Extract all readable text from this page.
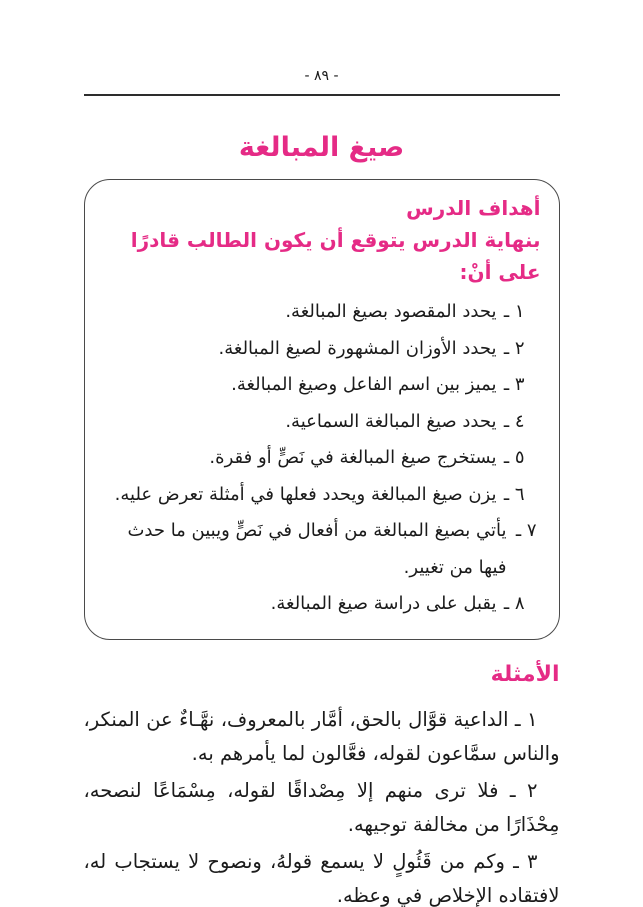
- ٨٩ -
صيغ المبالغة
أهداف الدرس
بنهاية الدرس يتوقع أن يكون الطالب قادرًا على أنْ:
١ ـ
يحدد المقصود بصيغ المبالغة.
٢ ـ
يحدد الأوزان المشهورة لصيغ المبالغة.
٣ ـ
يميز بين اسم الفاعل وصيغ المبالغة.
٤ ـ
يحدد صيغ المبالغة السماعية.
٥ ـ
يستخرج صيغ المبالغة في نَصٍّ أو فقرة.
٦ ـ
يزن صيغ المبالغة ويحدد فعلها في أمثلة تعرض عليه.
٧ ـ
يأتي بصيغ المبالغة من أفعال في نَصٍّ ويبين ما حدث فيها من تغيير.
٨ ـ
يقبل على دراسة صيغ المبالغة.
الأمثلة

١ ـ الداعية قوَّال بالحق، أمَّار بالمعروف، نهَّـاءٌ عن المنكر، والناس سمَّاعون لقوله، فعَّالون لما يأمرهم به.

٢ ـ فلا ترى منهم إلا مِصْداقًا لقوله، مِسْمَاعًا لنصحه، مِحْذَارًا من مخالفة توجيهه.

٣ ـ وكم من قَئُولٍ لا يسمع قولهُ، ونصوح لا يستجاب له، لافتقاده الإخلاص في وعظه.
